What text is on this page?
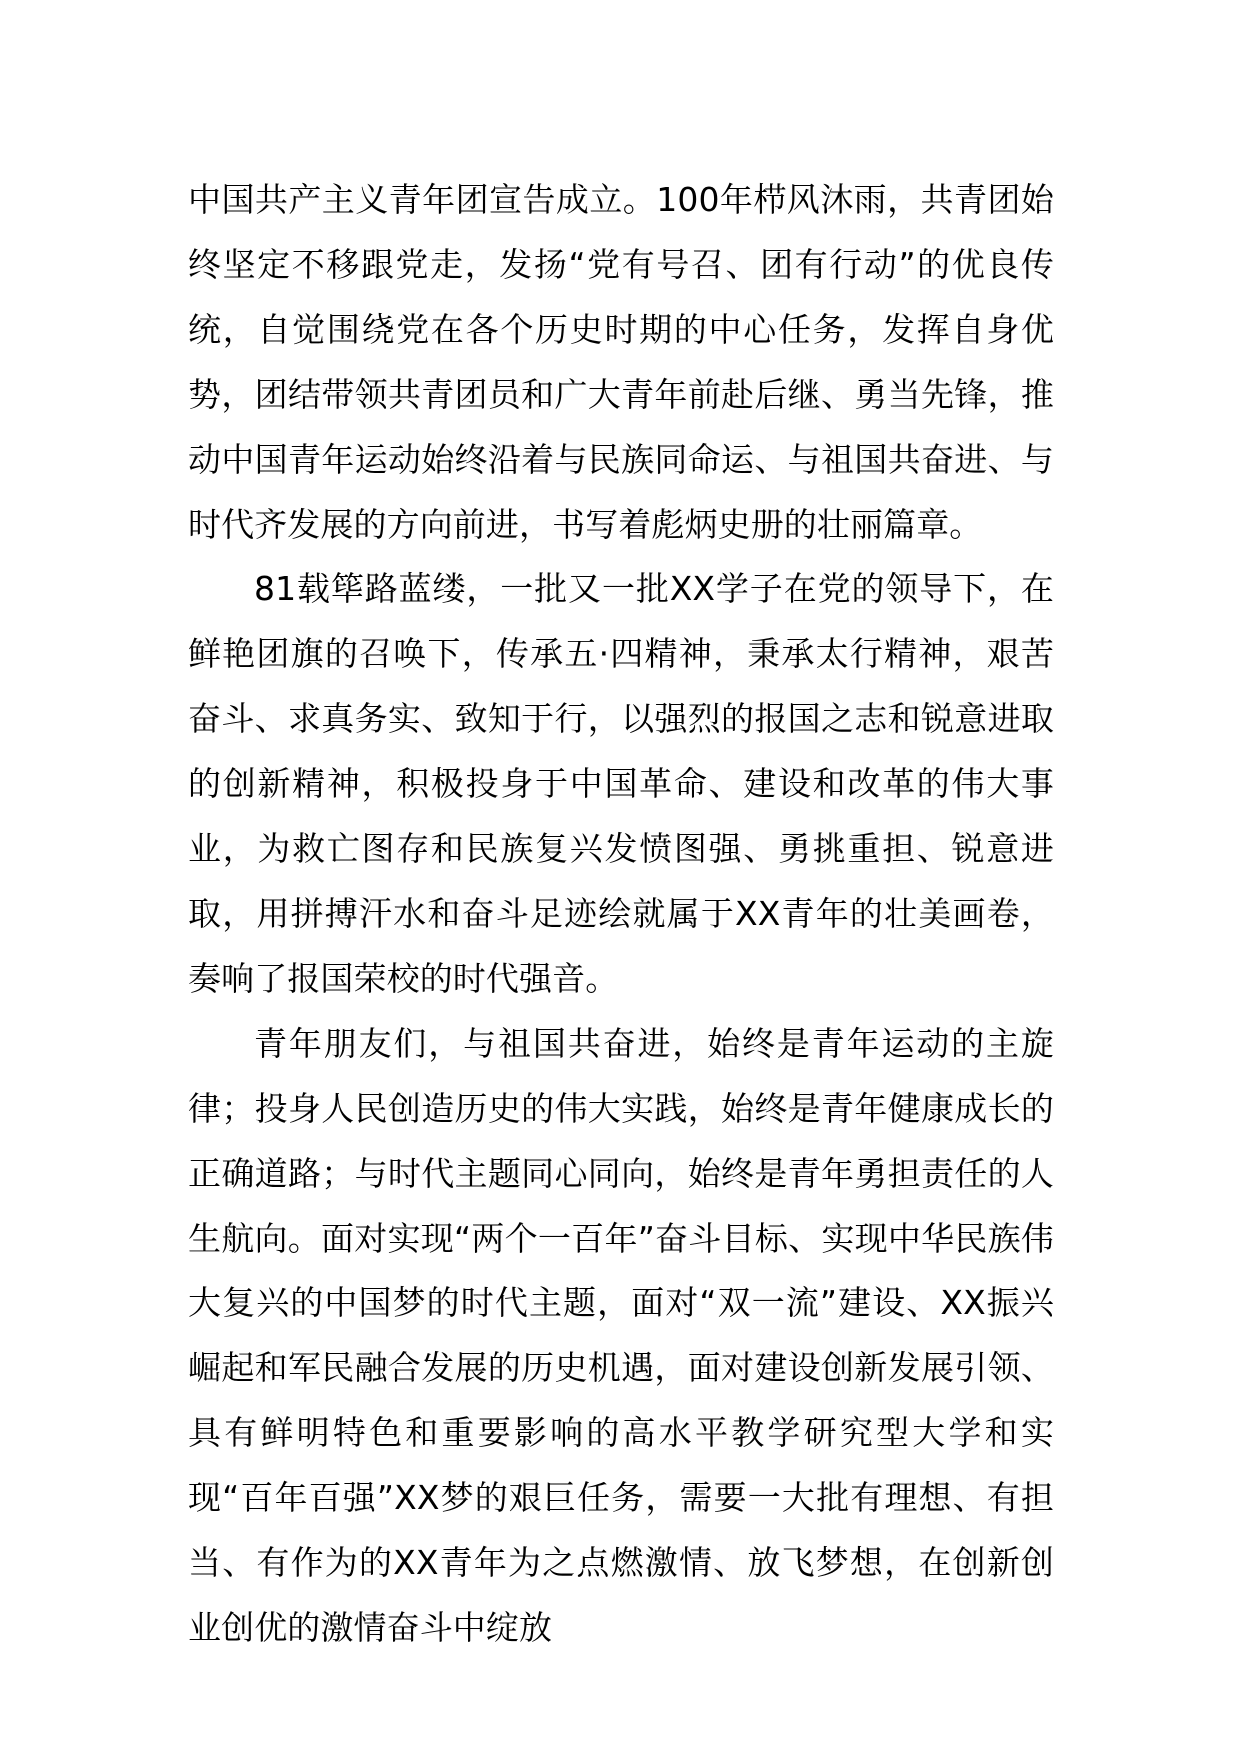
中国共产主义青年团宣告成立。100年栉风沐雨，共青团始终坚定不移跟党走，发扬“党有号召、团有行动”的优良传统，自觉围绕党在各个历史时期的中心任务，发挥自身优势，团结带领共青团员和广大青年前赴后继、勇当先锋，推动中国青年运动始终沿着与民族同命运、与祖国共奋进、与时代齐发展的方向前进，书写着彪炳史册的壮丽篇章。

81载筚路蓝缕，一批又一批XX学子在党的领导下，在鲜艳团旗的召唤下，传承五·四精神，秉承太行精神，艰苦奋斗、求真务实、致知于行，以强烈的报国之志和锐意进取的创新精神，积极投身于中国革命、建设和改革的伟大事业，为救亡图存和民族复兴发愤图强、勇挑重担、锐意进取，用拼搏汗水和奋斗足迹绘就属于XX青年的壮美画卷，奏响了报国荣校的时代强音。

青年朋友们，与祖国共奋进，始终是青年运动的主旋律；投身人民创造历史的伟大实践，始终是青年健康成长的正确道路；与时代主题同心同向，始终是青年勇担责任的人生航向。面对实现“两个一百年”奋斗目标、实现中华民族伟大复兴的中国梦的时代主题，面对“双一流”建设、XX振兴崛起和军民融合发展的历史机遇，面对建设创新发展引领、具有鲜明特色和重要影响的高水平教学研究型大学和实现“百年百强”XX梦的艰巨任务，需要一大批有理想、有担当、有作为的XX青年为之点燃激情、放飞梦想，在创新创业创优的激情奋斗中绽放
